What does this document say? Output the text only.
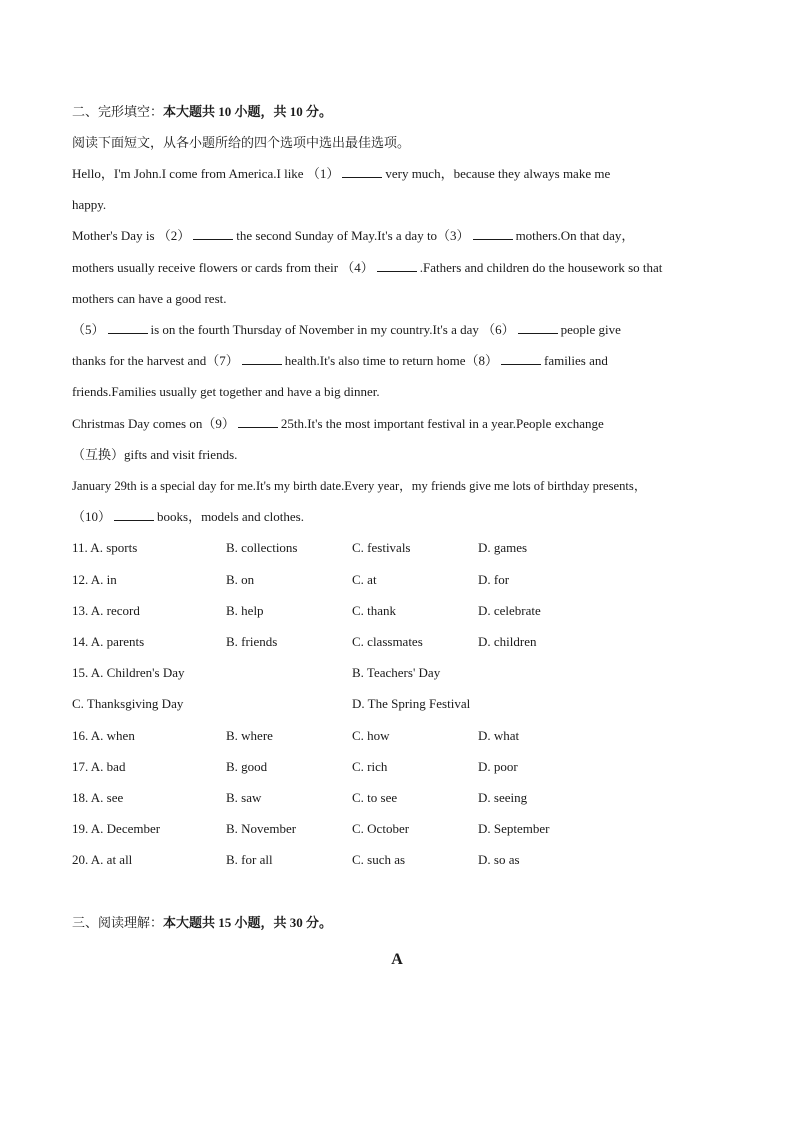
二、完形填空：本大题共 10 小题，共 10 分。
阅读下面短文，从各小题所给的四个选项中选出最佳选项。
Hello，I'm John.I come from America.I like （1）	very much，because they always make me
happy.
Mother's Day is （2）	the second Sunday of May.It's a day to（3）	mothers.On that day，
mothers usually receive flowers or cards from their （4）	.Fathers and children do the housework so that
mothers can have a good rest.
（5）	is on the fourth Thursday of November in my country.It's a day （6）	people give
thanks for the harvest and（7）	health.It's also time to return home（8）	families and
friends.Families usually get together and have a big dinner.
Christmas Day comes on（9）	25th.It's the most important festival in a year.People exchange
（互换）gifts and visit friends.
January 29th is a special day for me.It's my birth date.Every year，my friends give me lots of birthday presents，
（10）	books，models and clothes.
11. A. sports	B. collections	C. festivals	D. games
12. A. in	B. on	C. at	D. for
13. A. record	B. help	C. thank	D. celebrate
14. A. parents	B. friends	C. classmates	D. children
15. A. Children's Day	B. Teachers' Day
C. Thanksgiving Day	D. The Spring Festival
16. A. when	B. where	C. how	D. what
17. A. bad	B. good	C. rich	D. poor
18. A. see	B. saw	C. to see	D. seeing
19. A. December	B. November	C. October	D. September
20. A. at all	B. for all	C. such as	D. so as
三、阅读理解：本大题共 15 小题，共 30 分。
A
